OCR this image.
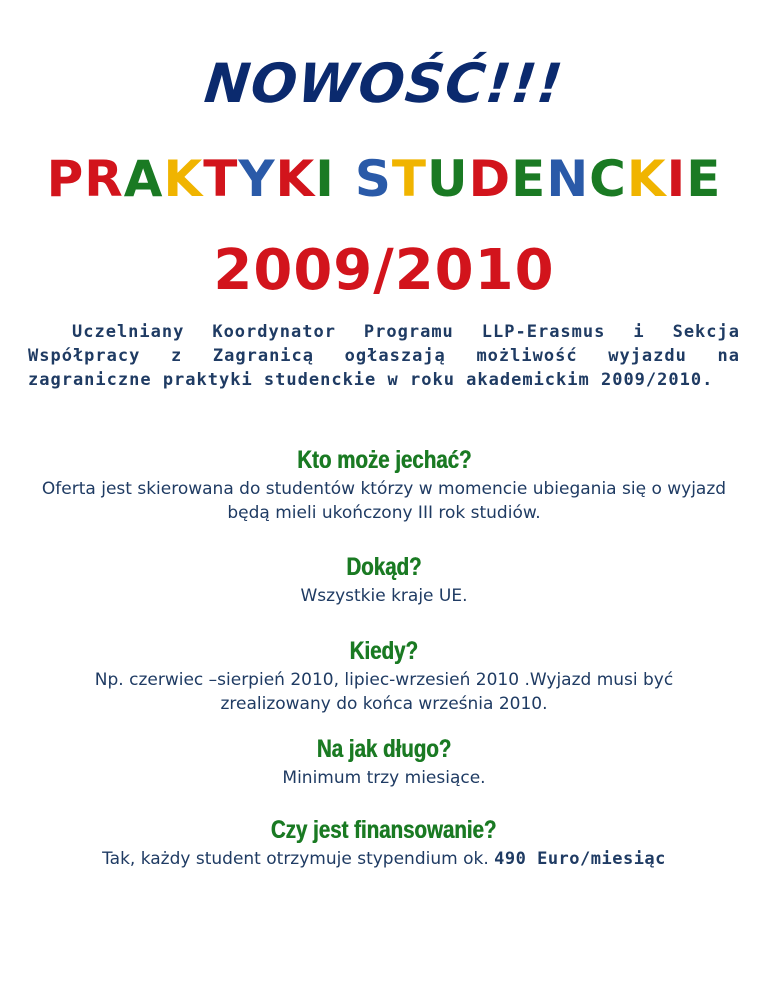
NOWOŚĆ!!!
PRAKTYKI STUDENCKIE
2009/2010
Uczelniany Koordynator Programu LLP-Erasmus i Sekcja Współpracy z Zagranicą ogłaszają możliwość wyjazdu na zagraniczne praktyki studenckie w roku akademickim 2009/2010.
Kto może jechać?
Oferta jest skierowana do studentów którzy w momencie ubiegania się o wyjazd będą mieli ukończony III rok studiów.
Dokąd?
Wszystkie kraje UE.
Kiedy?
Np. czerwiec –sierpień 2010, lipiec-wrzesień 2010 .Wyjazd musi być zrealizowany do końca września 2010.
Na jak długo?
Minimum trzy miesiące.
Czy jest finansowanie?
Tak, każdy student otrzymuje stypendium ok. 490 Euro/miesiąc
